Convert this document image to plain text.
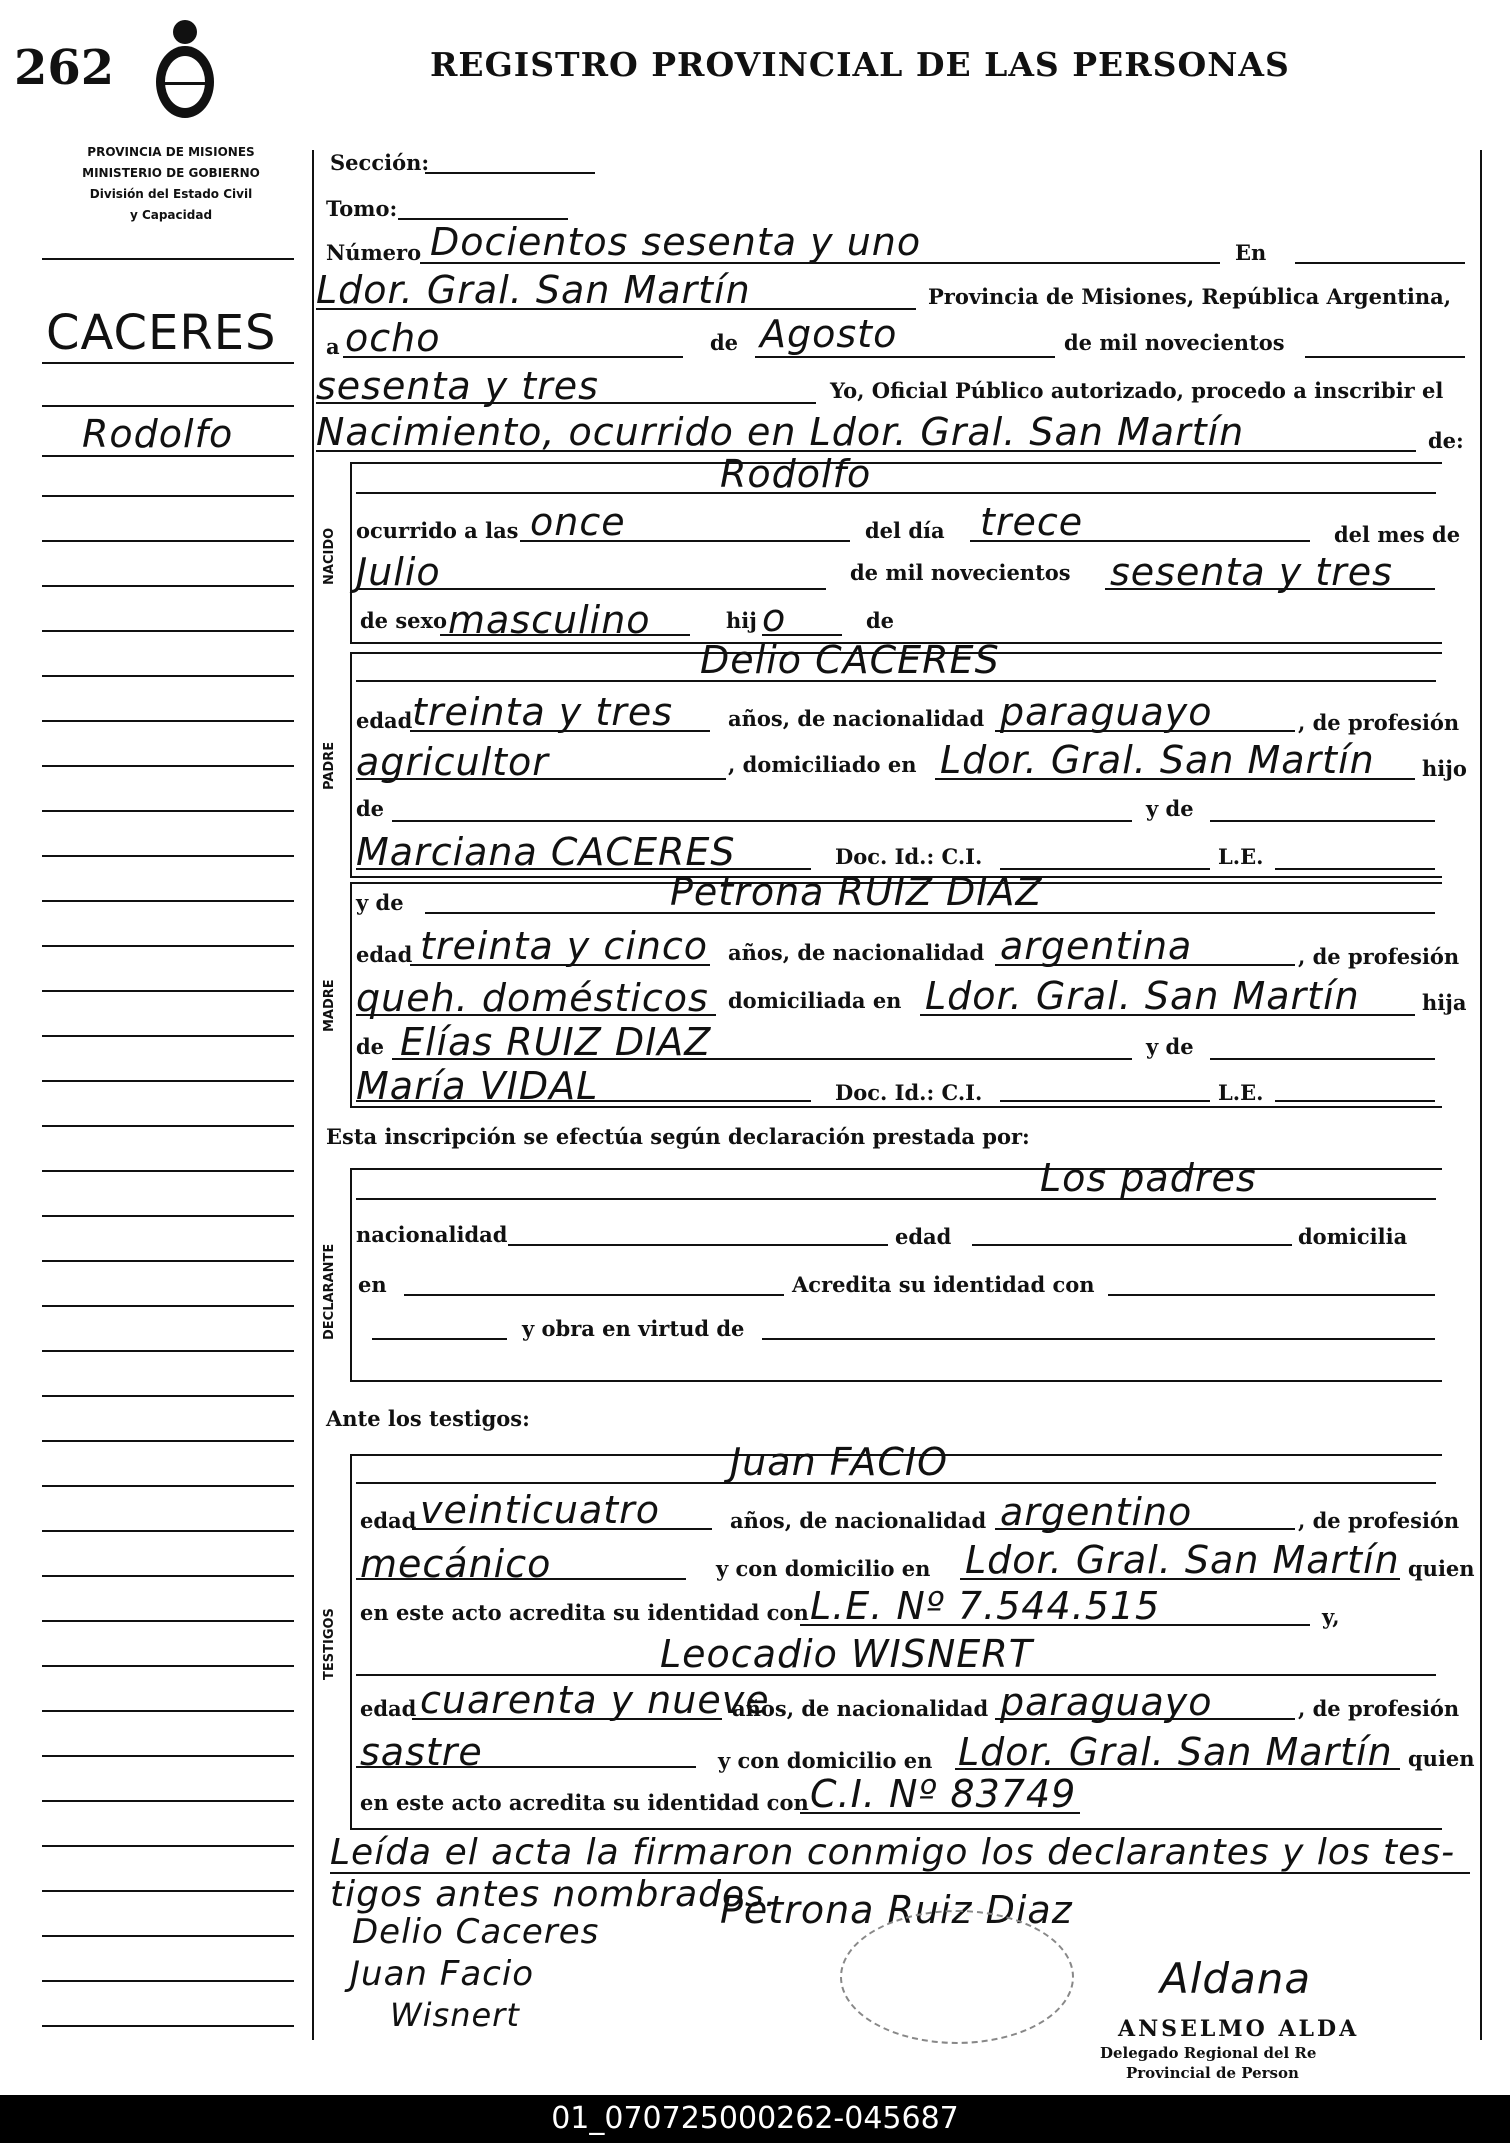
262	REGISTRO PROVINCIAL DE LAS PERSONAS
PROVINCIA DE MISIONES
MINISTERIO DE GOBIERNO
División del Estado Civil
y Capacidad
CACERES
Rodolfo
Sección:
Tomo:
Número Docientos sesenta y uno	En
Ldor. Gral. San Martín	Provincia de Misiones, República Argentina,
a ocho	de Agosto	de mil novecientos
sesenta y tres	Yo, Oficial Público autorizado, procedo a inscribir el
Nacimiento, ocurrido en Ldor. Gral. San Martín	de:
NACIDO
Rodolfo
ocurrido a las once	del día trece	del mes de
Julio	de mil novecientos sesenta y tres
de sexo masculino	hij o	de
PADRE
Delio CACERES
edad treinta y tres	años, de nacionalidad paraguayo	, de profesión
agricultor	, domiciliado en Ldor. Gral. San Martín hijo
de	y de
Marciana CACERES	Doc. Id.: C.I.	L.E.
MADRE
y de	Petrona RUIZ DIAZ
edad treinta y cinco años, de nacionalidad argentina	, de profesión
queh. domésticos domiciliada en Ldor. Gral. San Martín	hija
de Elías RUIZ DIAZ	y de
María VIDAL	Doc. Id.: C.I.	L.E.
Esta inscripción se efectúa según declaración prestada por:
DECLARANTE
Los padres
nacionalidad	edad	domicilia
en	Acredita su identidad con
y obra en virtud de
Ante los testigos:
TESTIGOS
Juan FACIO
edad veinticuatro	años, de nacionalidad argentino	, de profesión
mecánico	y con domicilio en Ldor. Gral. San Martín quien
en este acto acredita su identidad con L.E. Nº 7.544.515	y,
Leocadio WISNERT
edad cuarenta y nueve
años, de nacionalidad paraguayo	, de profesión
sastre	y con domicilio en Ldor. Gral. San Martín quien
en este acto acredita su identidad con C.I. Nº 83749
Leída el acta la firmaron conmigo los declarantes y los tes-
tigos antes nombrados.
Delio Caceres	Petrona Ruiz Diaz
Juan Facio
Wisnert
Aldana
ANSELMO ALDA
Delegado Regional del Re
Provincial de Person
01_070725000262-045687
